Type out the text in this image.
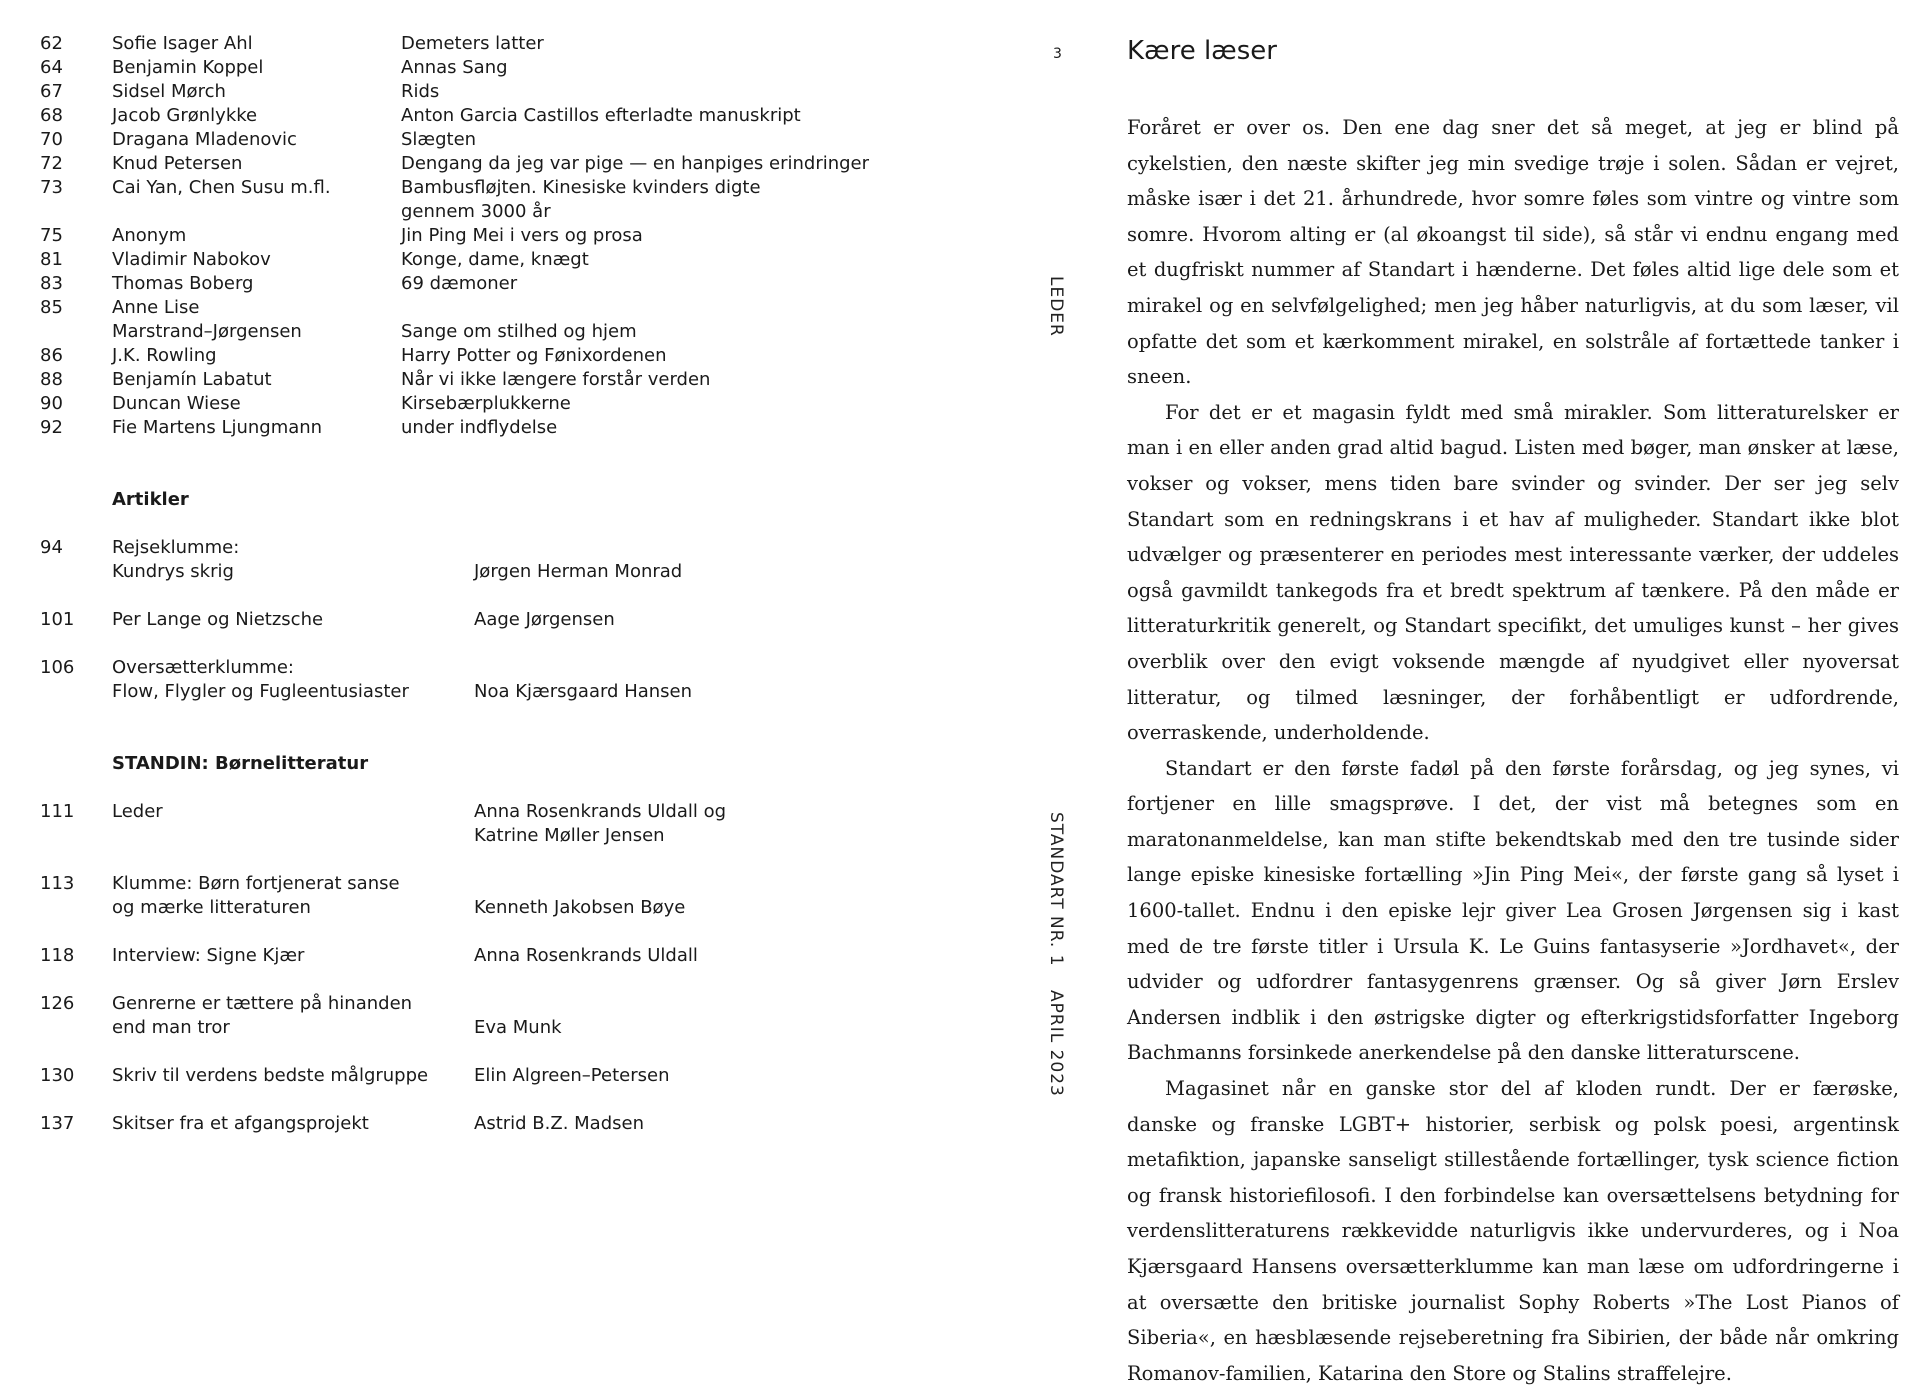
62	Sofie Isager Ahl	Demeters latter
64	Benjamin Koppel	Annas Sang
67	Sidsel Mørch	Rids
68	Jacob Grønlykke	Anton Garcia Castillos efterladte manuskript
70	Dragana Mladenovic	Slægten
72	Knud Petersen	Dengang da jeg var pige — en hanpiges erindringer
73	Cai Yan, Chen Susu m.fl.	Bambusfløjten. Kinesiske kvinders digte
gennem 3000 år
75	Anonym	Jin Ping Mei i vers og prosa
81	Vladimir Nabokov	Konge, dame, knægt
83	Thomas Boberg	69 dæmoner
85	Anne Lise
Marstrand–Jørgensen	Sange om stilhed og hjem
86	J.K. Rowling	Harry Potter og Fønixordenen
88	Benjamín Labatut	Når vi ikke længere forstår verden
90	Duncan Wiese	Kirsebærplukkerne
92	Fie Martens Ljungmann	under indflydelse
Artikler
94	Rejseklumme:
Kundrys skrig	Jørgen Herman Monrad
101 Per Lange og Nietzsche	Aage Jørgensen
106 Oversætterklumme:
Flow, Flygler og Fugleentusiaster	Noa Kjærsgaard Hansen
STANDIN: Børnelitteratur
111 Leder	Anna Rosenkrands Uldall og
Katrine Møller Jensen
113 Klumme: Børn fortjenerat sanse
og mærke litteraturen	Kenneth Jakobsen Bøye
118 Interview: Signe Kjær	Anna Rosenkrands Uldall
126 Genrerne er tættere på hinanden
end man tror	Eva Munk
130 Skriv til verdens bedste målgruppe	Elin Algreen–Petersen
137 Skitser fra et afgangsprojekt	Astrid B.Z. Madsen
3
LEDER
STANDART NR. 1
APRIL 2023
Kære læser

Foråret er over os. Den ene dag sner det så meget, at jeg er blind på cykelstien, den næste skifter jeg min svedige trøje i solen. Sådan er vejret, måske især i det 21. århundrede, hvor somre føles som vintre og vintre som somre. Hvorom alting er (al økoangst til side), så står vi endnu engang med et dugfriskt nummer af Standart i hænderne. Det føles altid lige dele som et mirakel og en selvfølgelighed; men jeg håber naturligvis, at du som læser, vil opfatte det som et kærkomment mirakel, en solstråle af fortættede tanker i sneen.

For det er et magasin fyldt med små mirakler. Som litteraturelsker er man i en eller anden grad altid bagud. Listen med bøger, man ønsker at læse, vokser og vokser, mens tiden bare svinder og svinder. Der ser jeg selv Standart som en redningskrans i et hav af muligheder. Standart ikke blot udvælger og præsenterer en periodes mest interessante værker, der uddeles også gavmildt tankegods fra et bredt spektrum af tænkere. På den måde er litteraturkritik generelt, og Standart specifikt, det umuliges kunst – her gives overblik over den evigt voksende mængde af nyudgivet eller nyoversat litteratur, og tilmed læsninger, der forhåbentligt er udfordrende, overraskende, underholdende.

Standart er den første fadøl på den første forårsdag, og jeg synes, vi fortjener en lille smagsprøve. I det, der vist må betegnes som en maratonanmeldelse, kan man stifte bekendtskab med den tre tusinde sider lange episke kinesiske fortælling »Jin Ping Mei«, der første gang så lyset i 1600-tallet. Endnu i den episke lejr giver Lea Grosen Jørgensen sig i kast med de tre første titler i Ursula K. Le Guins fantasyserie »Jordhavet«, der udvider og udfordrer fantasygenrens grænser. Og så giver Jørn Erslev Andersen indblik i den østrigske digter og efterkrigstidsforfatter Ingeborg Bachmanns forsinkede anerkendelse på den danske litteraturscene.

Magasinet når en ganske stor del af kloden rundt. Der er færøske, danske og franske LGBT+ historier, serbisk og polsk poesi, argentinsk metafiktion, japanske sanseligt stillestående fortællinger, tysk science fiction og fransk historiefilosofi. I den forbindelse kan oversættelsens betydning for verdenslitteraturens rækkevidde naturligvis ikke undervurderes, og i Noa Kjærsgaard Hansens oversætterklumme kan man læse om udfordringerne i at oversætte den britiske journalist Sophy Roberts »The Lost Pianos of Siberia«, en hæsblæsende rejseberetning fra Sibirien, der både når omkring Romanov-familien, Katarina den Store og Stalins straffelejre.
